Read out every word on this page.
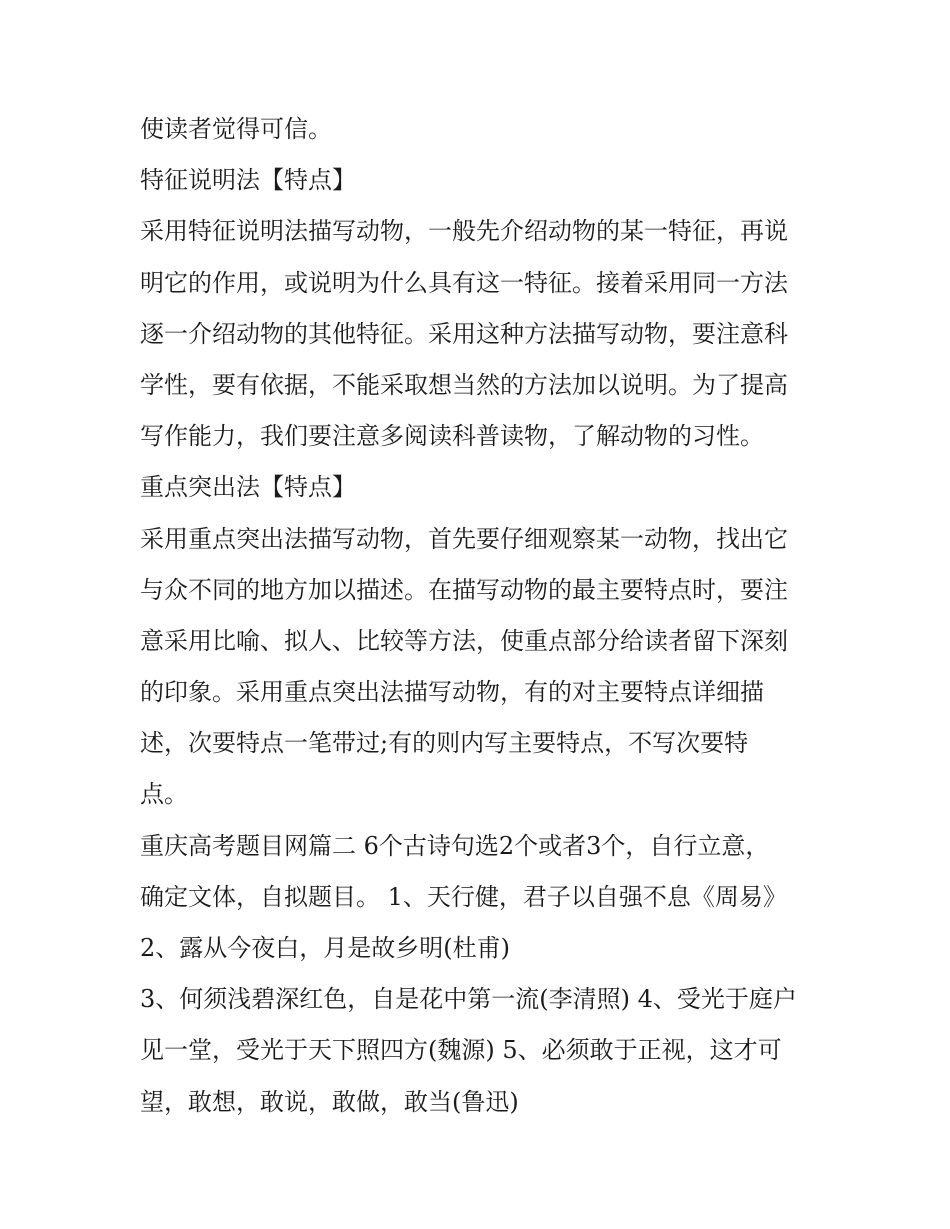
使读者觉得可信。

特征说明法【特点】

采用特征说明法描写动物，一般先介绍动物的某一特征，再说

明它的作用，或说明为什么具有这一特征。接着采用同一方法

逐一介绍动物的其他特征。采用这种方法描写动物，要注意科

学性，要有依据，不能采取想当然的方法加以说明。为了提高

写作能力，我们要注意多阅读科普读物，了解动物的习性。

重点突出法【特点】

采用重点突出法描写动物，首先要仔细观察某一动物，找出它

与众不同的地方加以描述。在描写动物的最主要特点时，要注

意采用比喻、拟人、比较等方法，使重点部分给读者留下深刻

的印象。采用重点突出法描写动物，有的对主要特点详细描

述，次要特点一笔带过;有的则内写主要特点，不写次要特

点。

重庆高考题目网篇二 6个古诗句选2个或者3个，自行立意，

确定文体，自拟题目。 1、天行健，君子以自强不息《周易》

2、露从今夜白，月是故乡明(杜甫)

3、何须浅碧深红色，自是花中第一流(李清照) 4、受光于庭户

见一堂，受光于天下照四方(魏源) 5、必须敢于正视，这才可

望，敢想，敢说，敢做，敢当(鲁迅)
